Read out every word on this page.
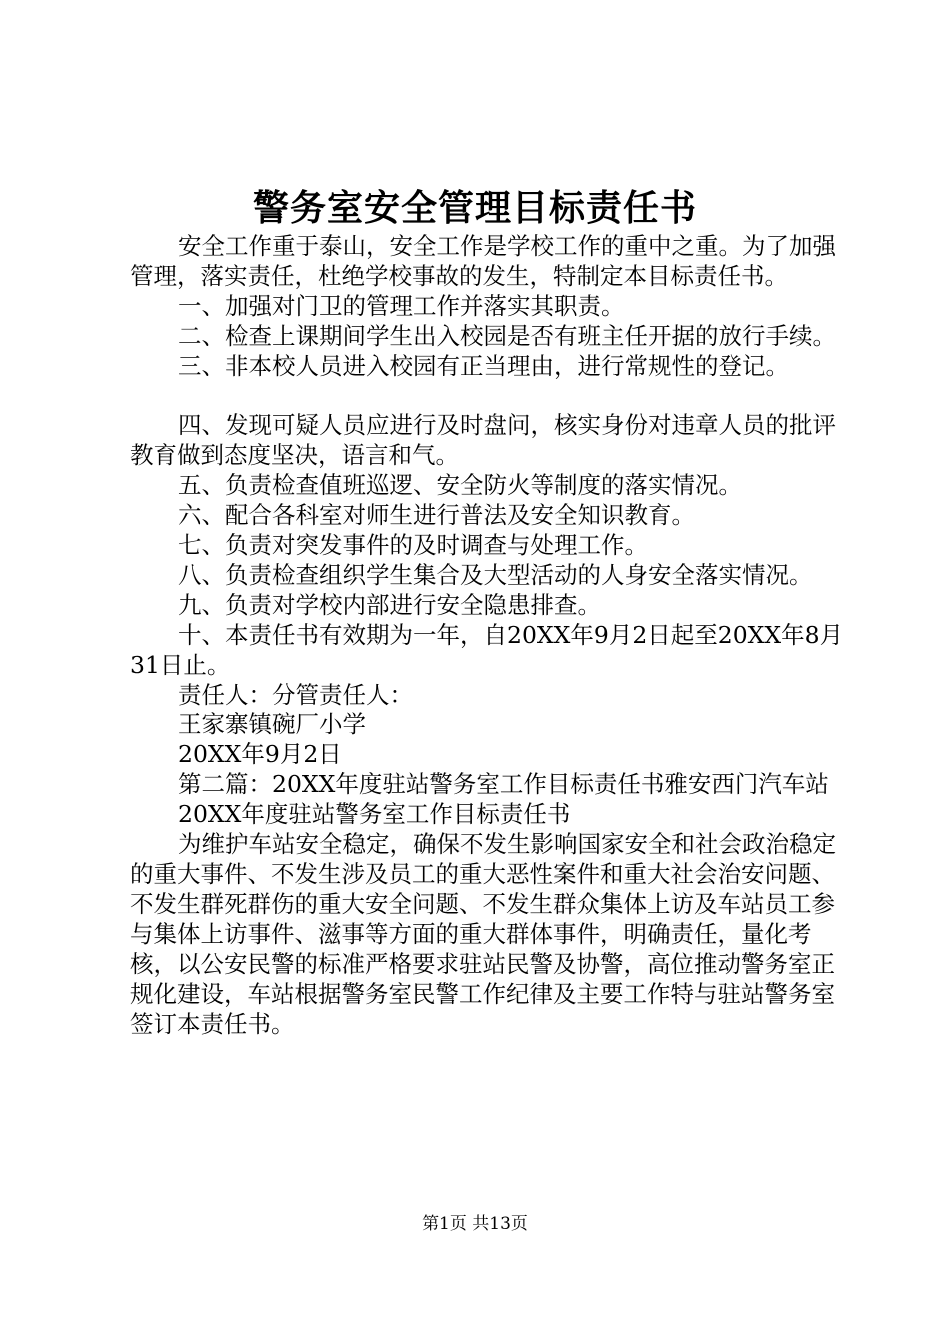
警务室安全管理目标责任书

安全工作重于泰山，安全工作是学校工作的重中之重。为了加强管理，落实责任，杜绝学校事故的发生，特制定本目标责任书。

一、加强对门卫的管理工作并落实其职责。

二、检查上课期间学生出入校园是否有班主任开据的放行手续。

三、非本校人员进入校园有正当理由，进行常规性的登记。

四、发现可疑人员应进行及时盘问，核实身份对违章人员的批评教育做到态度坚决，语言和气。

五、负责检查值班巡逻、安全防火等制度的落实情况。

六、配合各科室对师生进行普法及安全知识教育。

七、负责对突发事件的及时调查与处理工作。

八、负责检查组织学生集合及大型活动的人身安全落实情况。

九、负责对学校内部进行安全隐患排查。

十、本责任书有效期为一年，自20XX年9月2日起至20XX年8月31日止。

责任人：分管责任人：

王家寨镇碗厂小学

20XX年9月2日

第二篇：20XX年度驻站警务室工作目标责任书雅安西门汽车站

20XX年度驻站警务室工作目标责任书

为维护车站安全稳定，确保不发生影响国家安全和社会政治稳定的重大事件、不发生涉及员工的重大恶性案件和重大社会治安问题、不发生群死群伤的重大安全问题、不发生群众集体上访及车站员工参与集体上访事件、滋事等方面的重大群体事件，明确责任，量化考核，以公安民警的标准严格要求驻站民警及协警，高位推动警务室正规化建设，车站根据警务室民警工作纪律及主要工作特与驻站警务室签订本责任书。

第1页 共13页
